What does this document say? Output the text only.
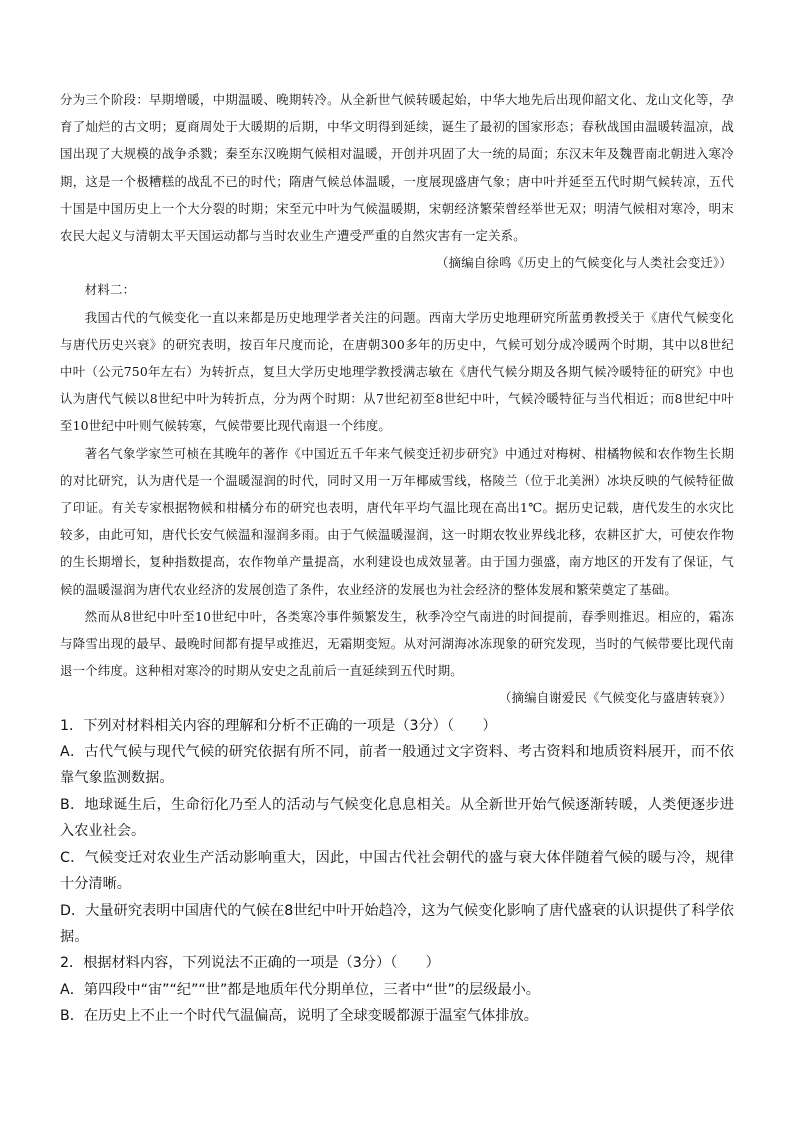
分为三个阶段：早期增暖，中期温暖、晚期转冷。从全新世气候转暖起始，中华大地先后出现仰韶文化、龙山文化等，孕育了灿烂的古文明；夏商周处于大暖期的后期，中华文明得到延续，诞生了最初的国家形态；春秋战国由温暖转温凉，战国出现了大规模的战争杀戮；秦至东汉晚期气候相对温暖，开创并巩固了大一统的局面；东汉末年及魏晋南北朝进入寒冷期，这是一个极糟糕的战乱不已的时代；隋唐气候总体温暖，一度展现盛唐气象；唐中叶并延至五代时期气候转凉，五代十国是中国历史上一个大分裂的时期；宋至元中叶为气候温暖期，宋朝经济繁荣曾经举世无双；明清气候相对寒冷，明末农民大起义与清朝太平天国运动都与当时农业生产遭受严重的自然灾害有一定关系。

（摘编自徐鸣《历史上的气候变化与人类社会变迁》）

材料二：

我国古代的气候变化一直以来都是历史地理学者关注的问题。西南大学历史地理研究所蓝勇教授关于《唐代气候变化与唐代历史兴衰》的研究表明，按百年尺度而论，在唐朝300多年的历史中，气候可划分成冷暖两个时期，其中以8世纪中叶（公元750年左右）为转折点，复旦大学历史地理学教授满志敏在《唐代气候分期及各期气候冷暖特征的研究》中也认为唐代气候以8世纪中叶为转折点，分为两个时期：从7世纪初至8世纪中叶，气候冷暖特征与当代相近；而8世纪中叶至10世纪中叶则气候转寒，气候带要比现代南退一个纬度。

著名气象学家竺可桢在其晚年的著作《中国近五千年来气候变迁初步研究》中通过对梅树、柑橘物候和农作物生长期的对比研究，认为唐代是一个温暖湿润的时代，同时又用一万年椰威雪线，格陵兰（位于北美洲）冰块反映的气候特征做了印证。有关专家根据物候和柑橘分布的研究也表明，唐代年平均气温比现在高出1℃。据历史记载，唐代发生的水灾比较多，由此可知，唐代长安气候温和湿润多雨。由于气候温暖湿润，这一时期农牧业界线北移，农耕区扩大，可使农作物的生长期增长，复种指数提高，农作物单产量提高，水利建设也成效显著。由于国力强盛，南方地区的开发有了保证，气候的温暖湿润为唐代农业经济的发展创造了条件，农业经济的发展也为社会经济的整体发展和繁荣奠定了基础。

然而从8世纪中叶至10世纪中叶，各类寒冷事件频繁发生，秋季冷空气南进的时间提前，春季则推迟。相应的，霜冻与降雪出现的最早、最晚时间都有提早或推迟，无霜期变短。从对河湖海冰冻现象的研究发现，当时的气候带要比现代南退一个纬度。这种相对寒冷的时期从安史之乱前后一直延续到五代时期。

（摘编自谢爱民《气候变化与盛唐转衰》）

1．下列对材料相关内容的理解和分析不正确的一项是（3分）（　　）

A．古代气候与现代气候的研究依据有所不同，前者一般通过文字资料、考古资料和地质资料展开，而不依靠气象监测数据。

B．地球诞生后，生命衍化乃至人的活动与气候变化息息相关。从全新世开始气候逐渐转暖，人类便逐步进入农业社会。

C．气候变迁对农业生产活动影响重大，因此，中国古代社会朝代的盛与衰大体伴随着气候的暖与冷，规律十分清晰。

D．大量研究表明中国唐代的气候在8世纪中叶开始趋冷，这为气候变化影响了唐代盛衰的认识提供了科学依据。

2．根据材料内容，下列说法不正确的一项是（3分）（　　）

A．第四段中“宙”“纪”“世”都是地质年代分期单位，三者中“世”的层级最小。

B．在历史上不止一个时代气温偏高，说明了全球变暖都源于温室气体排放。
